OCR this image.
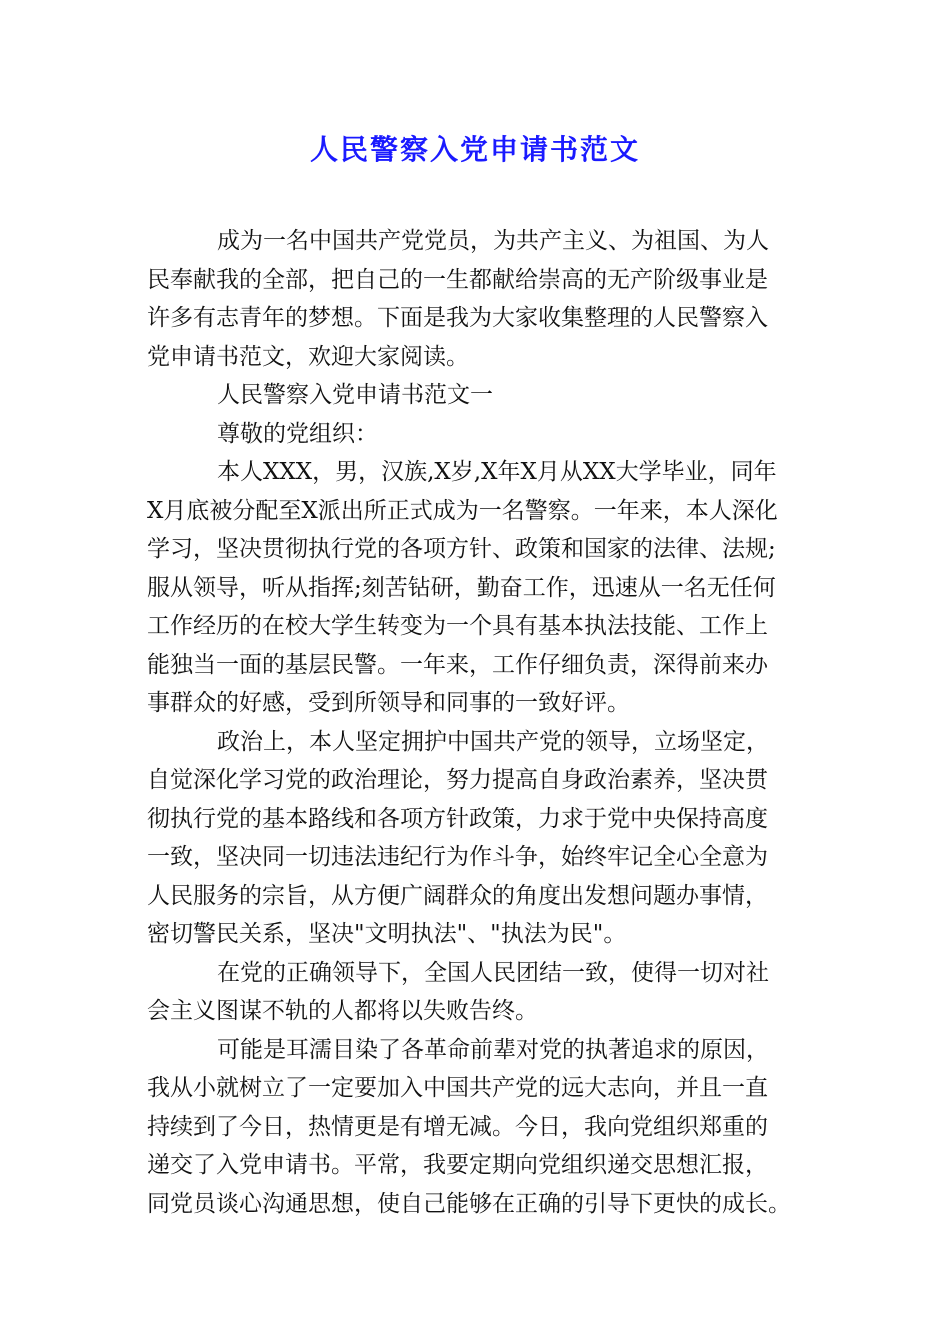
人民警察入党申请书范文
成为一名中国共产党党员，为共产主义、为祖国、为人
民奉献我的全部，把自己的一生都献给崇高的无产阶级事业是
许多有志青年的梦想。下面是我为大家收集整理的人民警察入
党申请书范文，欢迎大家阅读。
人民警察入党申请书范文一
尊敬的党组织：
本人XXX，男，汉族,X岁,X年X月从XX大学毕业，同年
X月底被分配至X派出所正式成为一名警察。一年来，本人深化
学习，坚决贯彻执行党的各项方针、政策和国家的法律、法规;
服从领导，听从指挥;刻苦钻研，勤奋工作，迅速从一名无任何
工作经历的在校大学生转变为一个具有基本执法技能、工作上
能独当一面的基层民警。一年来，工作仔细负责，深得前来办
事群众的好感，受到所领导和同事的一致好评。
政治上，本人坚定拥护中国共产党的领导，立场坚定，
自觉深化学习党的政治理论，努力提高自身政治素养，坚决贯
彻执行党的基本路线和各项方针政策，力求于党中央保持高度
一致，坚决同一切违法违纪行为作斗争，始终牢记全心全意为
人民服务的宗旨，从方便广阔群众的角度出发想问题办事情，
密切警民关系，坚决"文明执法"、"执法为民"。
在党的正确领导下，全国人民团结一致，使得一切对社
会主义图谋不轨的人都将以失败告终。
可能是耳濡目染了各革命前辈对党的执著追求的原因，
我从小就树立了一定要加入中国共产党的远大志向，并且一直
持续到了今日，热情更是有增无减。今日，我向党组织郑重的
递交了入党申请书。平常，我要定期向党组织递交思想汇报，
同党员谈心沟通思想，使自己能够在正确的引导下更快的成长。
